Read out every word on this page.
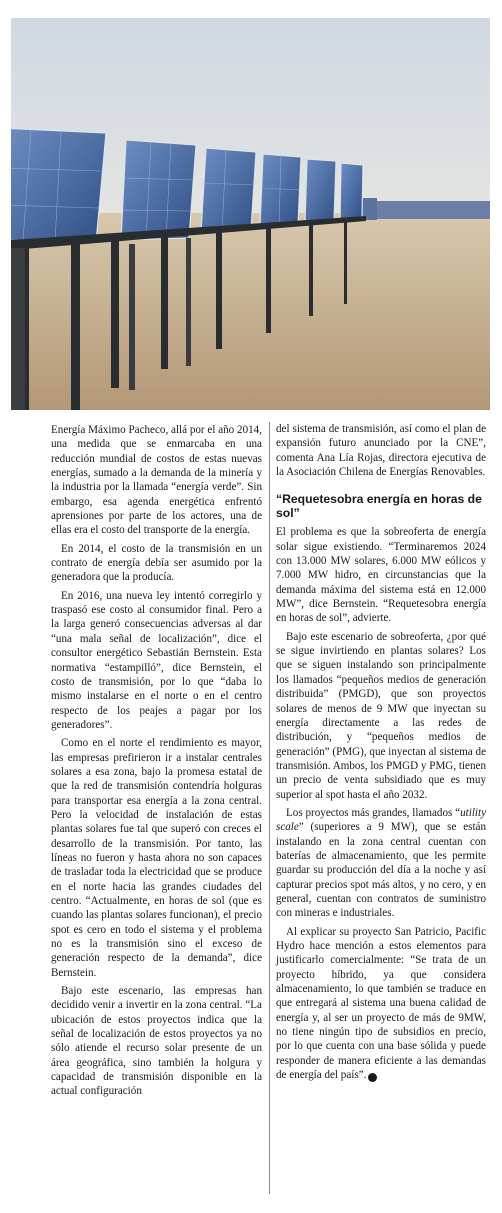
Energía Máximo Pacheco, allá por el año 2014, una medida que se enmarcaba en una reducción mundial de costos de estas nuevas energías, sumado a la demanda de la minería y la industria por la llamada “energía verde”. Sin embargo, esa agenda energética enfrentó aprensiones por parte de los actores, una de ellas era el costo del transporte de la energía.

En 2014, el costo de la transmisión en un contrato de energía debía ser asumido por la generadora que la producía.

En 2016, una nueva ley intentó corregirlo y traspasó ese costo al consumidor final. Pero a la larga generó consecuencias adversas al dar “una mala señal de localización”, dice el consultor energético Sebastián Bernstein. Esta normativa “estampilló”, dice Bernstein, el costo de transmisión, por lo que “daba lo mismo instalarse en el norte o en el centro respecto de los peajes a pagar por los generadores”.

Como en el norte el rendimiento es mayor, las empresas prefirieron ir a instalar centrales solares a esa zona, bajo la promesa estatal de que la red de transmisión contendría holguras para transportar esa energía a la zona central. Pero la velocidad de instalación de estas plantas solares fue tal que superó con creces el desarrollo de la transmisión. Por tanto, las líneas no fueron y hasta ahora no son capaces de trasladar toda la electricidad que se produce en el norte hacia las grandes ciudades del centro. “Actualmente, en horas de sol (que es cuando las plantas solares funcionan), el precio spot es cero en todo el sistema y el problema no es la transmisión sino el exceso de generación respecto de la demanda”, dice Bernstein.

Bajo este escenario, las empresas han decidido venir a invertir en la zona central. “La ubicación de estos proyectos indica que la señal de localización de estos proyectos ya no sólo atiende el recurso solar presente de un área geográfica, sino también la holgura y capacidad de transmisión disponible en la actual configuración

del sistema de transmisión, así como el plan de expansión futuro anunciado por la CNE”, comenta Ana Lía Rojas, directora ejecutiva de la Asociación Chilena de Energías Renovables.

“Requetesobra energía en horas de sol”

El problema es que la sobreoferta de energía solar sigue existiendo. “Terminaremos 2024 con 13.000 MW solares, 6.000 MW eólicos y 7.000 MW hidro, en circunstancias que la demanda máxima del sistema está en 12.000 MW”, dice Bernstein. “Requetesobra energía en horas de sol”, advierte.

Bajo este escenario de sobreoferta, ¿por qué se sigue invirtiendo en plantas solares? Los que se siguen instalando son principalmente los llamados “pequeños medios de generación distribuida” (PMGD), que son proyectos solares de menos de 9 MW que inyectan su energía directamente a las redes de distribución, y “pequeños medios de generación” (PMG), que inyectan al sistema de transmisión. Ambos, los PMGD y PMG, tienen un precio de venta subsidiado que es muy superior al spot hasta el año 2032.

Los proyectos más grandes, llamados “utility scale” (superiores a 9 MW), que se están instalando en la zona central cuentan con baterías de almacenamiento, que les permite guardar su producción del día a la noche y así capturar precios spot más altos, y no cero, y en general, cuentan con contratos de suministro con mineras e industriales.

Al explicar su proyecto San Patricio, Pacific Hydro hace mención a estos elementos para justificarlo comercialmente: “Se trata de un proyecto híbrido, ya que considera almacenamiento, lo que también se traduce en que entregará al sistema una buena calidad de energía y, al ser un proyecto de más de 9MW, no tiene ningún tipo de subsidios en precio, por lo que cuenta con una base sólida y puede responder de manera eficiente a las demandas de energía del país”. P
